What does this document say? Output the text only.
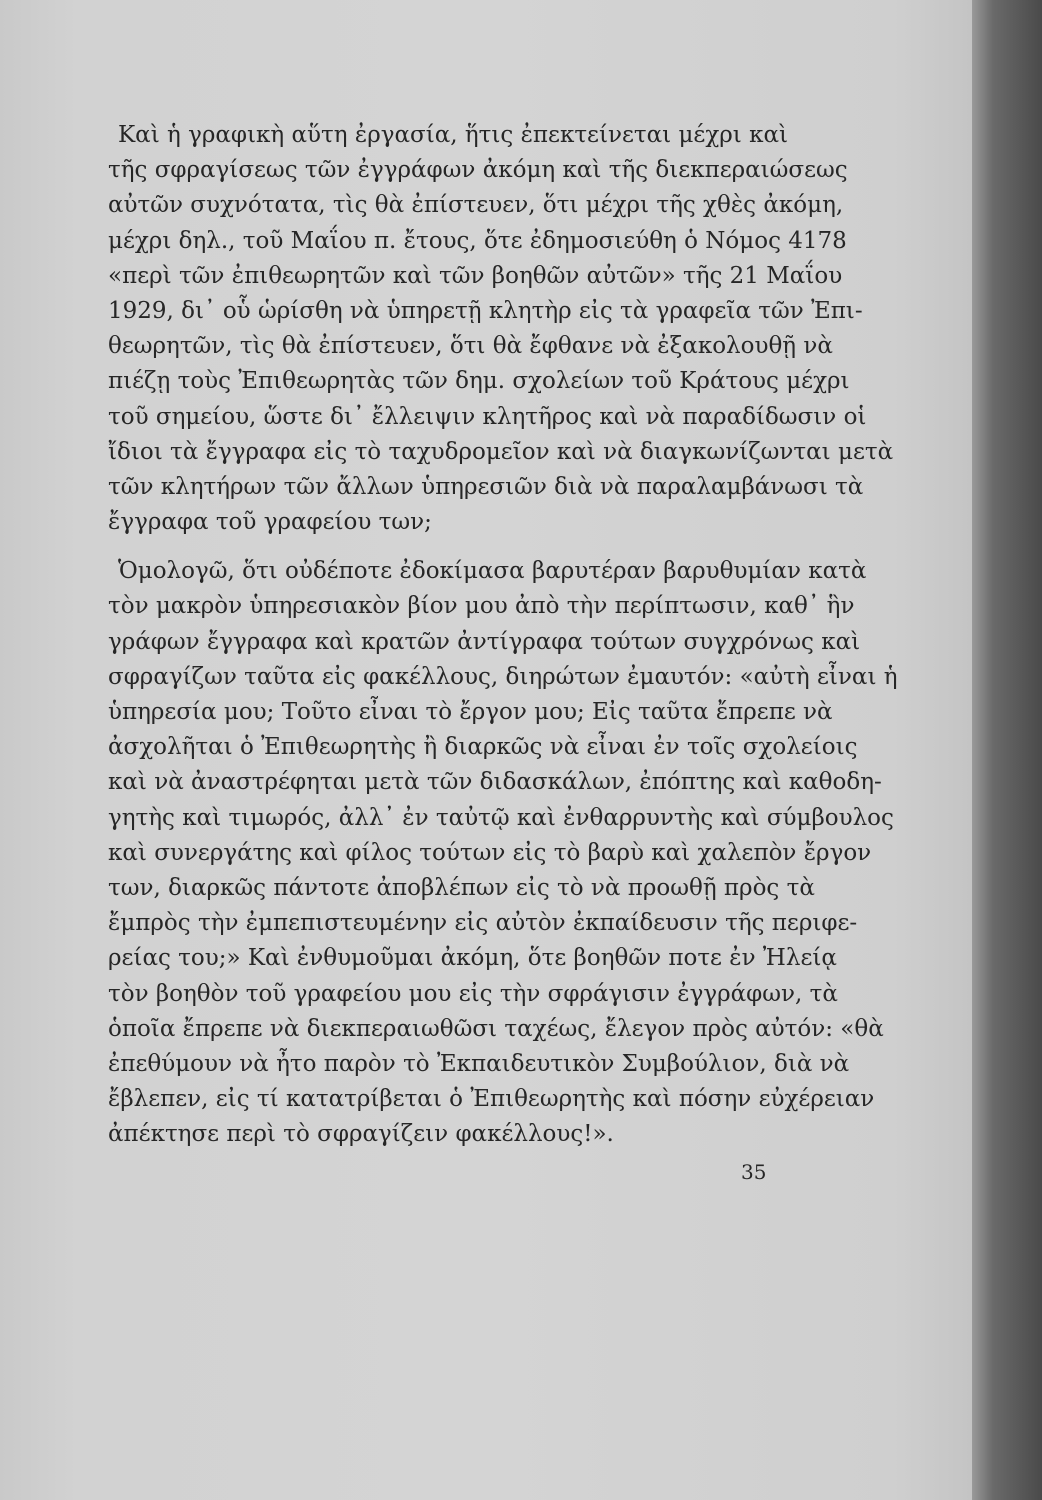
Καὶ ἡ γραφικὴ αὕτη ἐργασία, ἥτις ἐπεκτείνεται μέχρι καὶ
τῆς σφραγίσεως τῶν ἐγγράφων ἀκόμη καὶ τῆς διεκπεραιώσεως
αὐτῶν συχνότατα, τὶς θὰ ἐπίστευεν, ὅτι μέχρι τῆς χθὲς ἀκόμη,
μέχρι δηλ., τοῦ Μαΐου π. ἔτους, ὅτε ἐδημοσιεύθη ὁ Νόμος 4178
«περὶ τῶν ἐπιθεωρητῶν καὶ τῶν βοηθῶν αὐτῶν» τῆς 21 Μαΐου
1929, δι᾿ οὗ ὡρίσθη νὰ ὑπηρετῇ κλητὴρ εἰς τὰ γραφεῖα τῶν Ἐπι-
θεωρητῶν, τὶς θὰ ἐπίστευεν, ὅτι θὰ ἔφθανε νὰ ἐξακολουθῇ νὰ
πιέζῃ τοὺς Ἐπιθεωρητὰς τῶν δημ. σχολείων τοῦ Κράτους μέχρι
τοῦ σημείου, ὥστε δι᾿ ἔλλειψιν κλητῆρος καὶ νὰ παραδίδωσιν οἱ
ἴδιοι τὰ ἔγγραφα εἰς τὸ ταχυδρομεῖον καὶ νὰ διαγκωνίζωνται μετὰ
τῶν κλητήρων τῶν ἄλλων ὑπηρεσιῶν διὰ νὰ παραλαμβάνωσι τὰ
ἔγγραφα τοῦ γραφείου των;
Ὁμολογῶ, ὅτι οὐδέποτε ἐδοκίμασα βαρυτέραν βαρυθυμίαν κατὰ
τὸν μακρὸν ὑπηρεσιακὸν βίον μου ἀπὸ τὴν περίπτωσιν, καθ᾿ ἣν
γράφων ἔγγραφα καὶ κρατῶν ἀντίγραφα τούτων συγχρόνως καὶ
σφραγίζων ταῦτα εἰς φακέλλους, διηρώτων ἐμαυτόν: «αὐτὴ εἶναι ἡ
ὑπηρεσία μου; Τοῦτο εἶναι τὸ ἔργον μου; Εἰς ταῦτα ἔπρεπε νὰ
ἀσχολῆται ὁ Ἐπιθεωρητὴς ἢ διαρκῶς νὰ εἶναι ἐν τοῖς σχολείοις
καὶ νὰ ἀναστρέφηται μετὰ τῶν διδασκάλων, ἐπόπτης καὶ καθοδη-
γητὴς καὶ τιμωρός, ἀλλ᾿ ἐν ταὐτῷ καὶ ἐνθαρρυντὴς καὶ σύμβουλος
καὶ συνεργάτης καὶ φίλος τούτων εἰς τὸ βαρὺ καὶ χαλεπὸν ἔργον
των, διαρκῶς πάντοτε ἀποβλέπων εἰς τὸ νὰ προωθῇ πρὸς τὰ
ἔμπρὸς τὴν ἐμπεπιστευμένην εἰς αὐτὸν ἐκπαίδευσιν τῆς περιφε-
ρείας του;» Καὶ ἐνθυμοῦμαι ἀκόμη, ὅτε βοηθῶν ποτε ἐν Ἠλείᾳ
τὸν βοηθὸν τοῦ γραφείου μου εἰς τὴν σφράγισιν ἐγγράφων, τὰ
ὁποῖα ἔπρεπε νὰ διεκπεραιωθῶσι ταχέως, ἔλεγον πρὸς αὐτόν: «θὰ
ἐπεθύμουν νὰ ἦτο παρὸν τὸ Ἐκπαιδευτικὸν Συμβούλιον, διὰ νὰ
ἔβλεπεν, εἰς τί κατατρίβεται ὁ Ἐπιθεωρητὴς καὶ πόσην εὐχέρειαν
ἀπέκτησε περὶ τὸ σφραγίζειν φακέλλους!».
35
